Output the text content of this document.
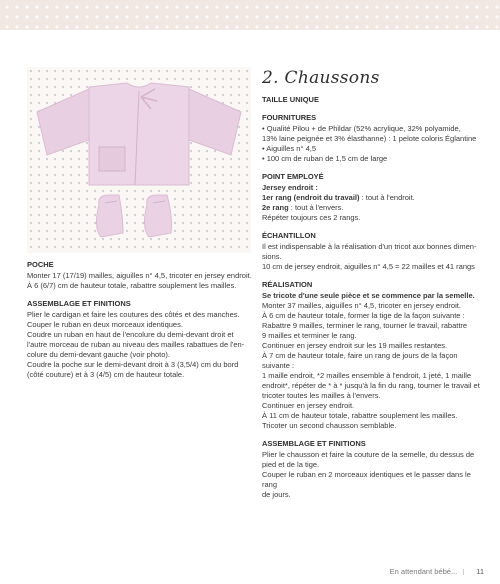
2. Chaussons

TAILLE UNIQUE

FOURNITURES

• Qualité Pilou + de Phildar (52% acrylique, 32% polyamide,

13% laine peignée et 3% élasthanne) : 1 pelote coloris Églantine

• Aiguilles n° 4,5

• 100 cm de ruban de 1,5 cm de large

POINT EMPLOYÉ

Jersey endroit :

1er rang (endroit du travail) : tout à l'endroit.

2e rang : tout à l'envers.

Répéter toujours ces 2 rangs.

ÉCHANTILLON

Il est indispensable à la réalisation d'un tricot aux bonnes dimen-

sions.

10 cm de jersey endroit, aiguilles n° 4,5 = 22 mailles et 41 rangs

RÉALISATION

Se tricote d'une seule pièce et se commence par la semelle.

Monter 37 mailles, aiguilles n° 4,5, tricoter en jersey endroit.

À 6 cm de hauteur totale, former la tige de la façon suivante :

Rabattre 9 mailles, terminer le rang, tourner le travail, rabattre

9 mailles et terminer le rang.

Continuer en jersey endroit sur les 19 mailles restantes.

À 7 cm de hauteur totale, faire un rang de jours de la façon suivante :

1 maille endroit, *2 mailles ensemble à l'endroit, 1 jeté, 1 maille

endroit*, répéter de * à * jusqu'à la fin du rang, tourner le travail et

tricoter toutes les mailles à l'envers.

Continuer en jersey endroit.

À 11 cm de hauteur totale, rabattre souplement les mailles.

Tricoter un second chausson semblable.

ASSEMBLAGE ET FINITIONS

Plier le chausson et faire la couture de la semelle, du dessus de

pied et de la tige.

Couper le ruban en 2 morceaux identiques et le passer dans le rang

de jours.

POCHE

Monter 17 (17/19) mailles, aiguilles n° 4,5, tricoter en jersey endroit.

À 6 (6/7) cm de hauteur totale, rabattre souplement les mailles.

ASSEMBLAGE ET FINITIONS

Plier le cardigan et faire les coutures des côtés et des manches.

Couper le ruban en deux morceaux identiques.

Coudre un ruban en haut de l'encolure du demi-devant droit et

l'autre morceau de ruban au niveau des mailles rabattues de l'en-

colure du demi-devant gauche (voir photo).

Coudre la poche sur le demi-devant droit à 3 (3,5/4) cm du bord

(côté couture) et à 3 (4/5) cm de hauteur totale.

En attendant bébé...	11
